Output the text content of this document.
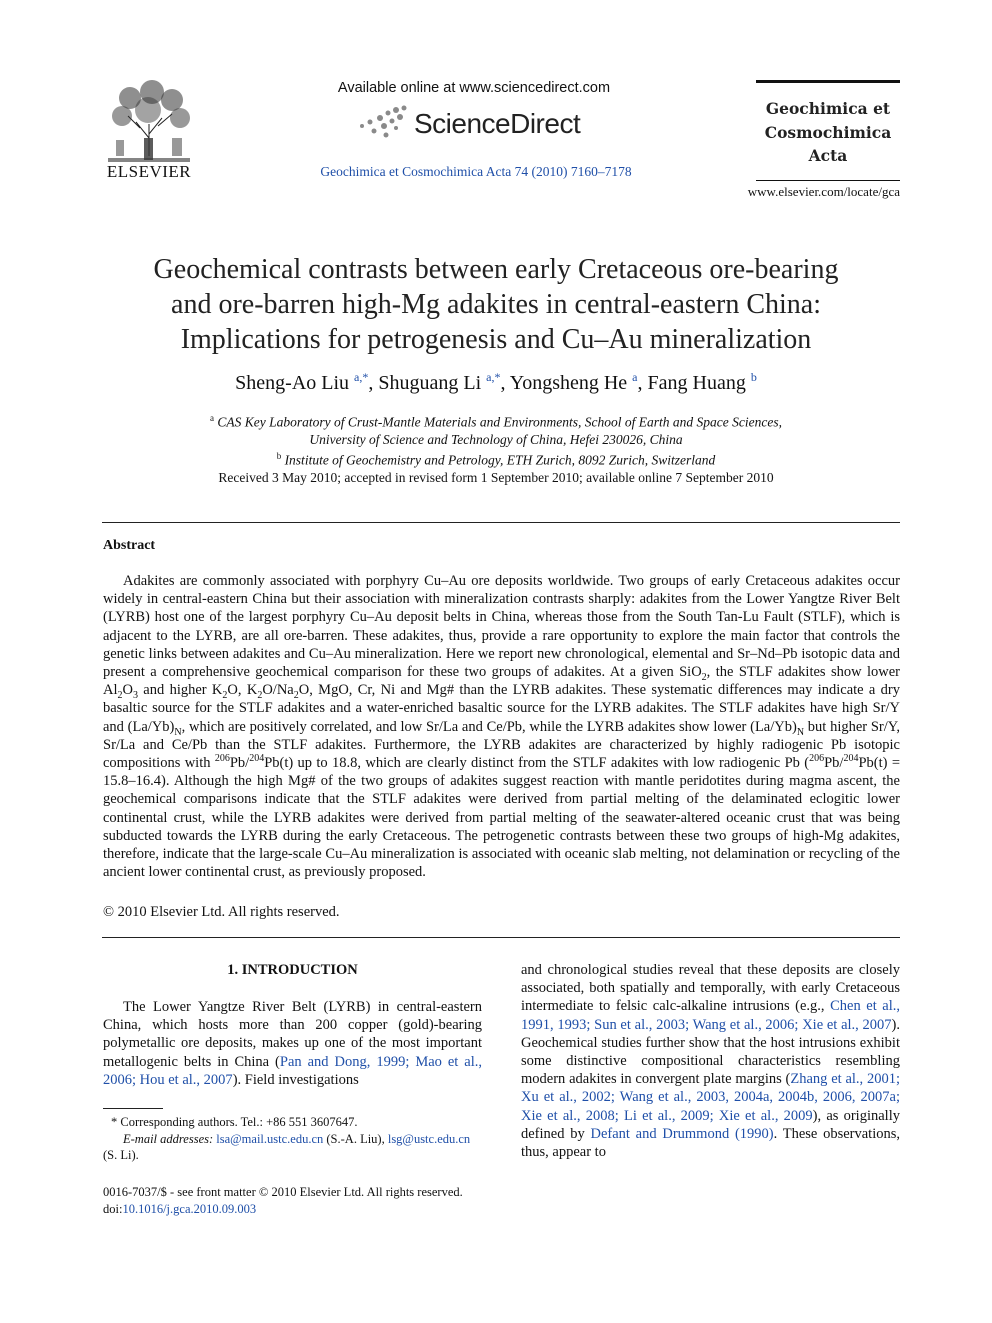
ELSEVIER
Available online at www.sciencedirect.com
ScienceDirect
Geochimica et Cosmochimica Acta 74 (2010) 7160–7178
Geochimica et
Cosmochimica
Acta
www.elsevier.com/locate/gca
Geochemical contrasts between early Cretaceous ore-bearing
and ore-barren high-Mg adakites in central-eastern China:
Implications for petrogenesis and Cu–Au mineralization
Sheng-Ao Liu $^{a,*}$, Shuguang Li $^{a,*}$, Yongsheng He $^a$, Fang Huang $^b$
$^a$ CAS Key Laboratory of Crust-Mantle Materials and Environments, School of Earth and Space Sciences,
University of Science and Technology of China, Hefei 230026, China
$^b$ Institute of Geochemistry and Petrology, ETH Zurich, 8092 Zurich, Switzerland
Received 3 May 2010; accepted in revised form 1 September 2010; available online 7 September 2010
Abstract

Adakites are commonly associated with porphyry Cu–Au ore deposits worldwide. Two groups of early Cretaceous adakites occur widely in central-eastern China but their association with mineralization contrasts sharply: adakites from the Lower Yangtze River Belt (LYRB) host one of the largest porphyry Cu–Au deposit belts in China, whereas those from the South Tan-Lu Fault (STLF), which is adjacent to the LYRB, are all ore-barren. These adakites, thus, provide a rare opportunity to explore the main factor that controls the genetic links between adakites and Cu–Au mineralization. Here we report new chronological, elemental and Sr–Nd–Pb isotopic data and present a comprehensive geochemical comparison for these two groups of adakites. At a given SiO$_2$, the STLF adakites show lower $Al_2O_3$ and higher $K_2O$, $K_2O/Na_2O$, MgO, Cr, Ni and Mg# than the LYRB adakites. These systematic differences may indicate a dry basaltic source for the STLF adakites and a water-enriched basaltic source for the LYRB adakites. The STLF adakites have high Sr/Y and $(La/Yb)_N$, which are positively correlated, and low Sr/La and Ce/Pb, while the LYRB adakites show lower $(La/Yb)_N$ but higher Sr/Y, Sr/La and Ce/Pb than the STLF adakites. Furthermore, the LYRB adakites are characterized by highly radiogenic Pb isotopic compositions with $^{206}$Pb/$^{204}$Pb(t) up to 18.8, which are clearly distinct from the STLF adakites with low radiogenic Pb ($^{206}$Pb/$^{204}$Pb(t) = 15.8–16.4). Although the high Mg# of the two groups of adakites suggest reaction with mantle peridotites during magma ascent, the geochemical comparisons indicate that the STLF adakites were derived from partial melting of the delaminated eclogitic lower continental crust, while the LYRB adakites were derived from partial melting of the seawater-altered oceanic crust that was being subducted towards the LYRB during the early Cretaceous. The petrogenetic contrasts between these two groups of high-Mg adakites, therefore, indicate that the large-scale Cu–Au mineralization is associated with oceanic slab melting, not delamination or recycling of the ancient lower continental crust, as previously proposed.

© 2010 Elsevier Ltd. All rights reserved.
1. INTRODUCTION

The Lower Yangtze River Belt (LYRB) in central-eastern China, which hosts more than 200 copper (gold)-bearing polymetallic ore deposits, makes up one of the most important metallogenic belts in China (Pan and Dong, 1999; Mao et al., 2006; Hou et al., 2007). Field investigations

* Corresponding authors. Tel.: +86 551 3607647.

E-mail addresses: lsa@mail.ustc.edu.cn (S.-A. Liu), lsg@ustc.edu.cn (S. Li).

0016-7037/$ - see front matter © 2010 Elsevier Ltd. All rights reserved.
doi:10.1016/j.gca.2010.09.003
and chronological studies reveal that these deposits are closely associated, both spatially and temporally, with early Cretaceous intermediate to felsic calc-alkaline intrusions (e.g., Chen et al., 1991, 1993; Sun et al., 2003; Wang et al., 2006; Xie et al., 2007). Geochemical studies further show that the host intrusions exhibit some distinctive compositional characteristics resembling modern adakites in convergent plate margins (Zhang et al., 2001; Xu et al., 2002; Wang et al., 2003, 2004a, 2004b, 2006, 2007a; Xie et al., 2008; Li et al., 2009; Xie et al., 2009), as originally defined by Defant and Drummond (1990). These observations, thus, appear to
